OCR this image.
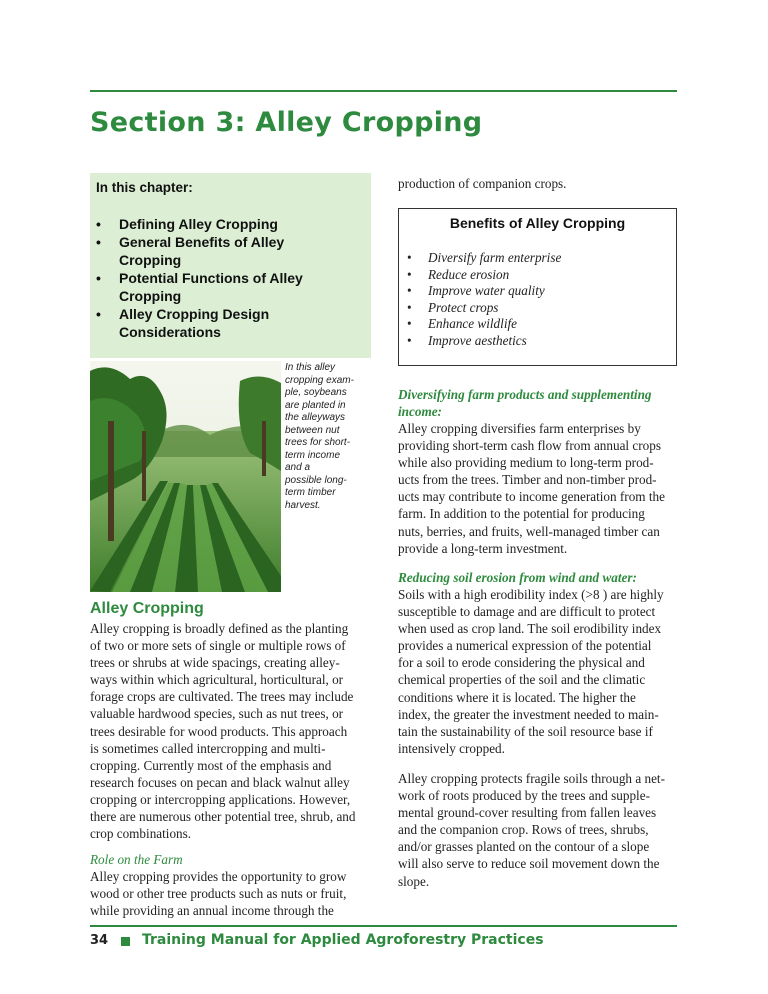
Section 3: Alley Cropping
In this chapter:
• Defining Alley Cropping
• General Benefits of Alley
Cropping
• Potential Functions of Alley
Cropping
• Alley Cropping Design
Considerations
In this alley
cropping exam-
ple, soybeans
are planted in
the alleyways
between nut
trees for short-
term income
and a
possible long-
term timber
harvest.
Alley Cropping
Alley cropping is broadly defined as the planting
of two or more sets of single or multiple rows of
trees or shrubs at wide spacings, creating alley-
ways within which agricultural, horticultural, or
forage crops are cultivated. The trees may include
valuable hardwood species, such as nut trees, or
trees desirable for wood products. This approach
is sometimes called intercropping and multi-
cropping. Currently most of the emphasis and
research focuses on pecan and black walnut alley
cropping or intercropping applications. However,
there are numerous other potential tree, shrub, and
crop combinations.
Role on the Farm
Alley cropping provides the opportunity to grow
wood or other tree products such as nuts or fruit,
while providing an annual income through the
production of companion crops.
Benefits of Alley Cropping
• Diversify farm enterprise
• Reduce erosion
• Improve water quality
• Protect crops
• Enhance wildlife
• Improve aesthetics
Diversifying farm products and supplementing
income:
Alley cropping diversifies farm enterprises by
providing short-term cash flow from annual crops
while also providing medium to long-term prod-
ucts from the trees. Timber and non-timber prod-
ucts may contribute to income generation from the
farm. In addition to the potential for producing
nuts, berries, and fruits, well-managed timber can
provide a long-term investment.
Reducing soil erosion from wind and water:
Soils with a high erodibility index (>8 ) are highly
susceptible to damage and are difficult to protect
when used as crop land. The soil erodibility index
provides a numerical expression of the potential
for a soil to erode considering the physical and
chemical properties of the soil and the climatic
conditions where it is located. The higher the
index, the greater the investment needed to main-
tain the sustainability of the soil resource base if
intensively cropped.
Alley cropping protects fragile soils through a net-
work of roots produced by the trees and supple-
mental ground-cover resulting from fallen leaves
and the companion crop. Rows of trees, shrubs,
and/or grasses planted on the contour of a slope
will also serve to reduce soil movement down the
slope.
34 Training Manual for Applied Agroforestry Practices
